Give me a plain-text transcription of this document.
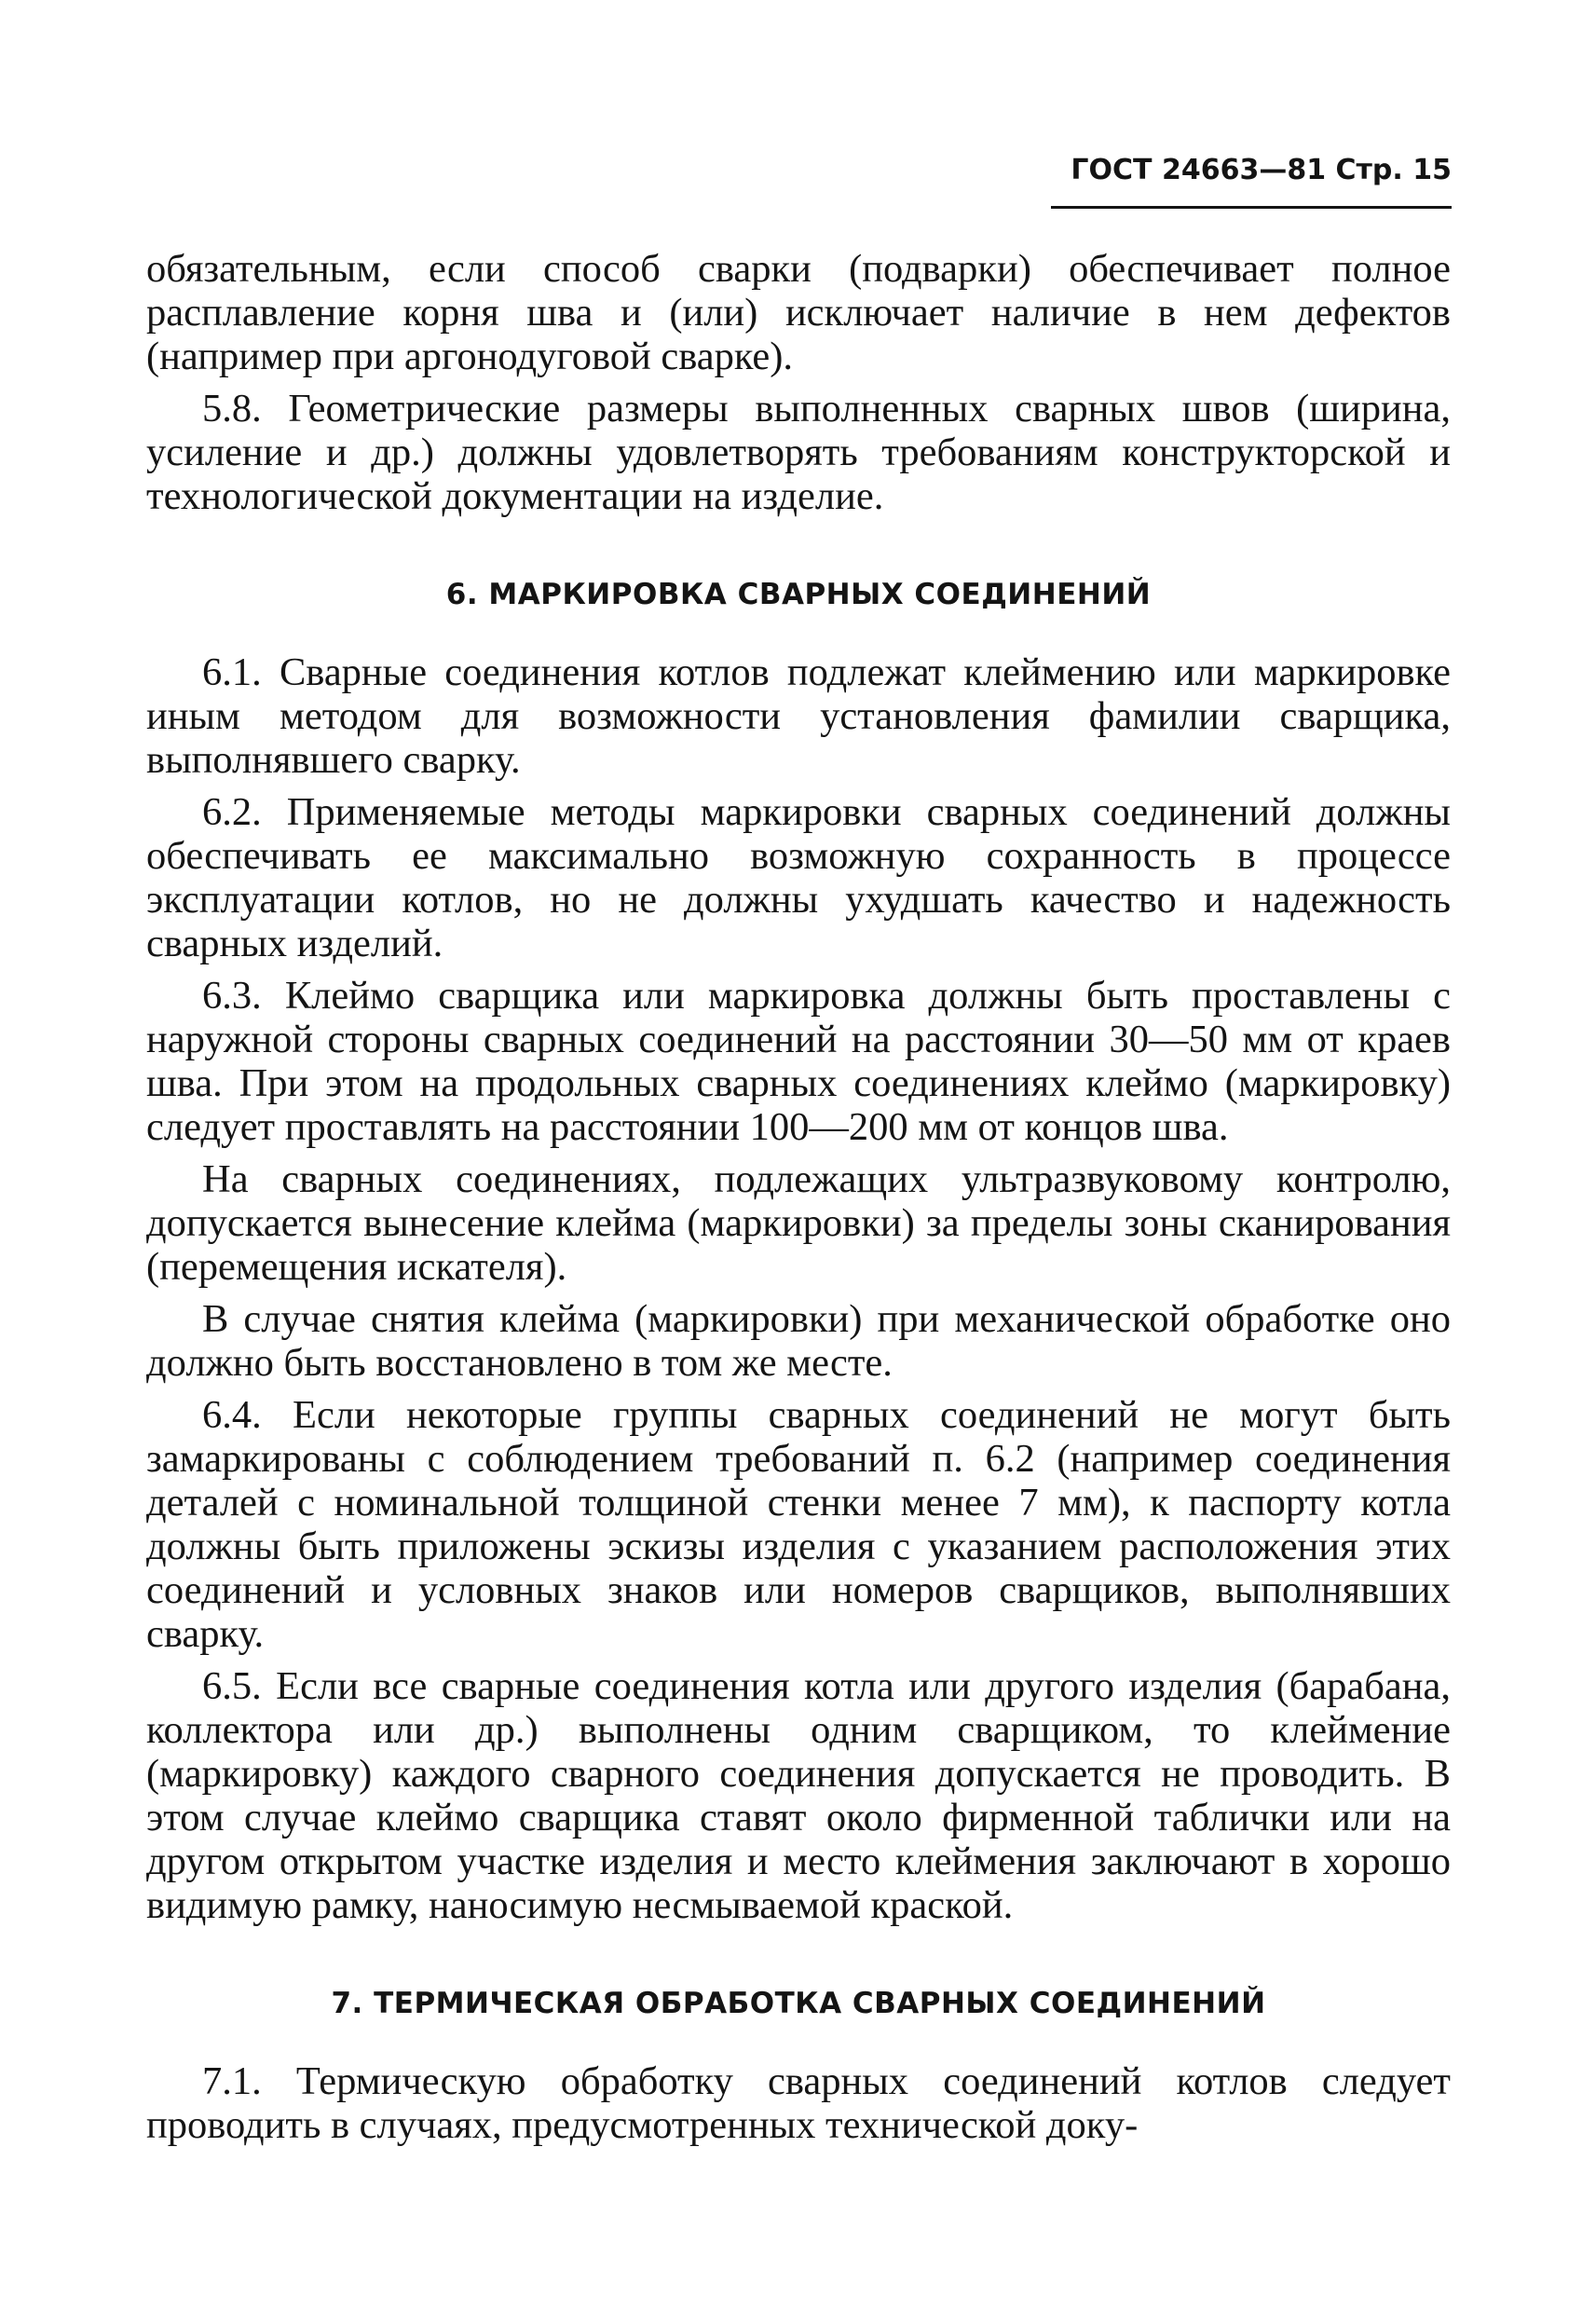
ГОСТ 24663—81 Стр. 15

обязательным, если способ сварки (подварки) обеспечивает полное расплавление корня шва и (или) исключает наличие в нем дефектов (например при аргонодуговой сварке).

5.8. Геометрические размеры выполненных сварных швов (ширина, усиление и др.) должны удовлетворять требованиям конструкторской и технологической документации на изделие.

6. МАРКИРОВКА СВАРНЫХ СОЕДИНЕНИЙ

6.1. Сварные соединения котлов подлежат клеймению или маркировке иным методом для возможности установления фамилии сварщика, выполнявшего сварку.

6.2. Применяемые методы маркировки сварных соединений должны обеспечивать ее максимально возможную сохранность в процессе эксплуатации котлов, но не должны ухудшать качество и надежность сварных изделий.

6.3. Клеймо сварщика или маркировка должны быть проставлены с наружной стороны сварных соединений на расстоянии 30—50 мм от краев шва. При этом на продольных сварных соединениях клеймо (маркировку) следует проставлять на расстоянии 100—200 мм от концов шва.

На сварных соединениях, подлежащих ультразвуковому контролю, допускается вынесение клейма (маркировки) за пределы зоны сканирования (перемещения искателя).

В случае снятия клейма (маркировки) при механической обработке оно должно быть восстановлено в том же месте.

6.4. Если некоторые группы сварных соединений не могут быть замаркированы с соблюдением требований п. 6.2 (например соединения деталей с номинальной толщиной стенки менее 7 мм), к паспорту котла должны быть приложены эскизы изделия с указанием расположения этих соединений и условных знаков или номеров сварщиков, выполнявших сварку.

6.5. Если все сварные соединения котла или другого изделия (барабана, коллектора или др.) выполнены одним сварщиком, то клеймение (маркировку) каждого сварного соединения допускается не проводить. В этом случае клеймо сварщика ставят около фирменной таблички или на другом открытом участке изделия и место клеймения заключают в хорошо видимую рамку, наносимую несмываемой краской.

7. ТЕРМИЧЕСКАЯ ОБРАБОТКА СВАРНЫХ СОЕДИНЕНИЙ

7.1. Термическую обработку сварных соединений котлов следует проводить в случаях, предусмотренных технической доку-
